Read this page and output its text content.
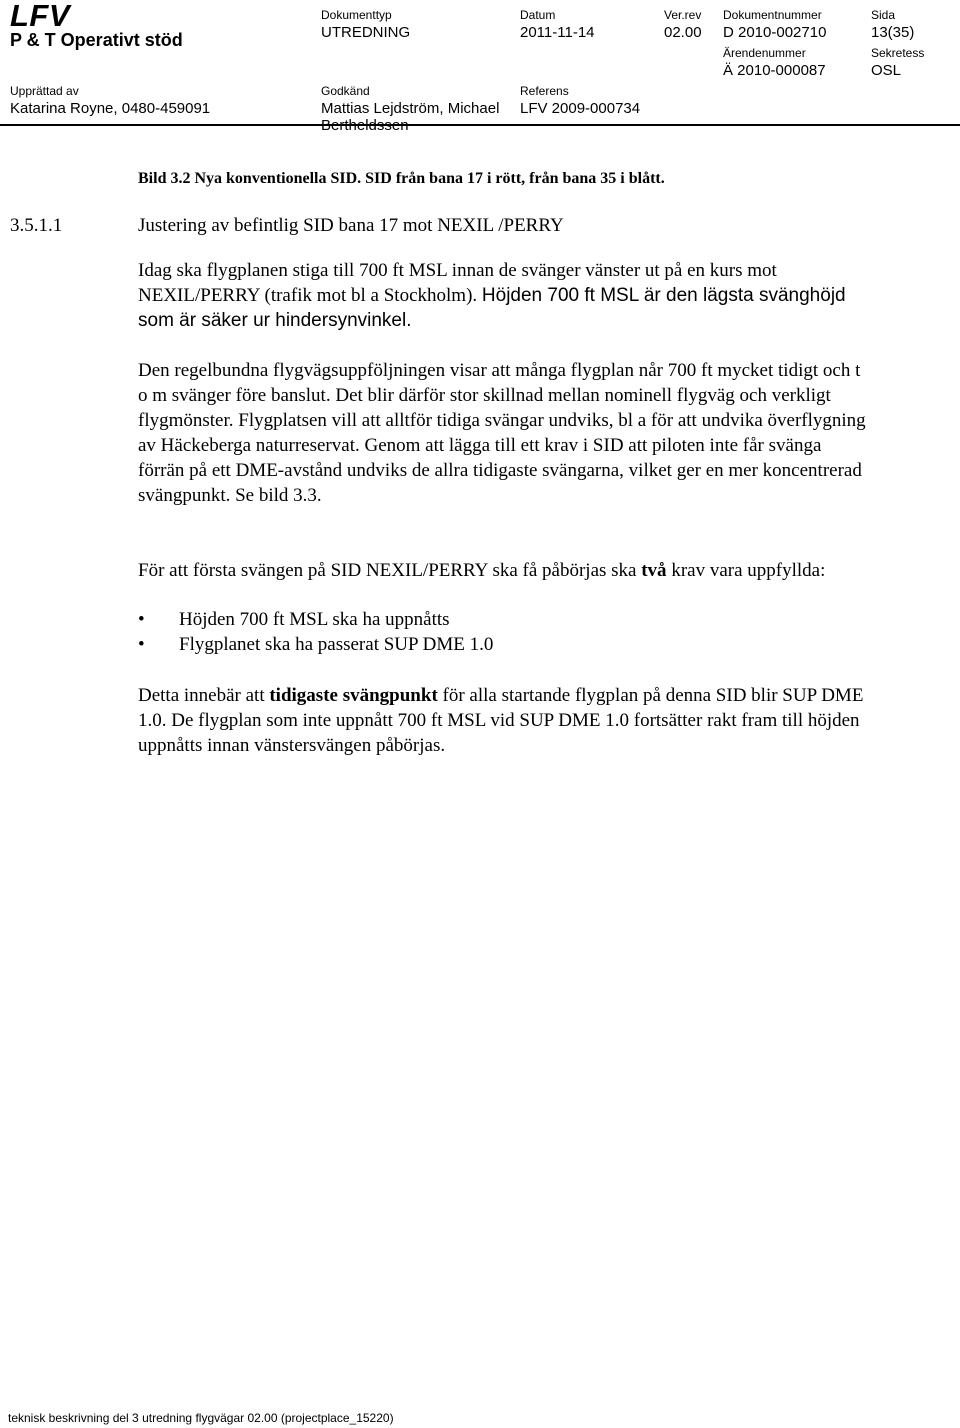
LFV
P & T Operativt stöd
Dokumenttyp
UTREDNING
Datum
2011-11-14
Ver.rev
02.00
Dokumentnummer
D 2010-002710
Ärendenummer
Ä 2010-000087
Sida
13(35)
Sekretess
OSL
Upprättad av
Katarina Royne, 0480-459091
Godkänd
Mattias Lejdström, Michael Bertheldssen
Referens
LFV 2009-000734
Bild 3.2 Nya konventionella SID. SID från bana 17 i rött, från bana 35 i blått.
3.5.1.1	Justering av befintlig SID bana 17 mot NEXIL /PERRY

Idag ska flygplanen stiga till 700 ft MSL innan de svänger vänster ut på en kurs mot NEXIL/PERRY (trafik mot bl a Stockholm). Höjden 700 ft MSL är den lägsta svänghöjd som är säker ur hindersynvinkel.

Den regelbundna flygvägsuppföljningen visar att många flygplan når 700 ft mycket tidigt och t o m svänger före banslut. Det blir därför stor skillnad mellan nominell flygväg och verkligt flygmönster. Flygplatsen vill att alltför tidiga svängar undviks, bl a för att undvika överflygning av Häckeberga naturreservat. Genom att lägga till ett krav i SID att piloten inte får svänga förrän på ett DME-avstånd undviks de allra tidigaste svängarna, vilket ger en mer koncentrerad svängpunkt. Se bild 3.3.

För att första svängen på SID NEXIL/PERRY ska få påbörjas ska två krav vara uppfyllda:

• Höjden 700 ft MSL ska ha uppnåtts
• Flygplanet ska ha passerat SUP DME 1.0

Detta innebär att tidigaste svängpunkt för alla startande flygplan på denna SID blir SUP DME 1.0. De flygplan som inte uppnått 700 ft MSL vid SUP DME 1.0 fortsätter rakt fram till höjden uppnåtts innan vänstersvängen påbörjas.

teknisk beskrivning del 3 utredning flygvägar 02.00 (projectplace_15220)
